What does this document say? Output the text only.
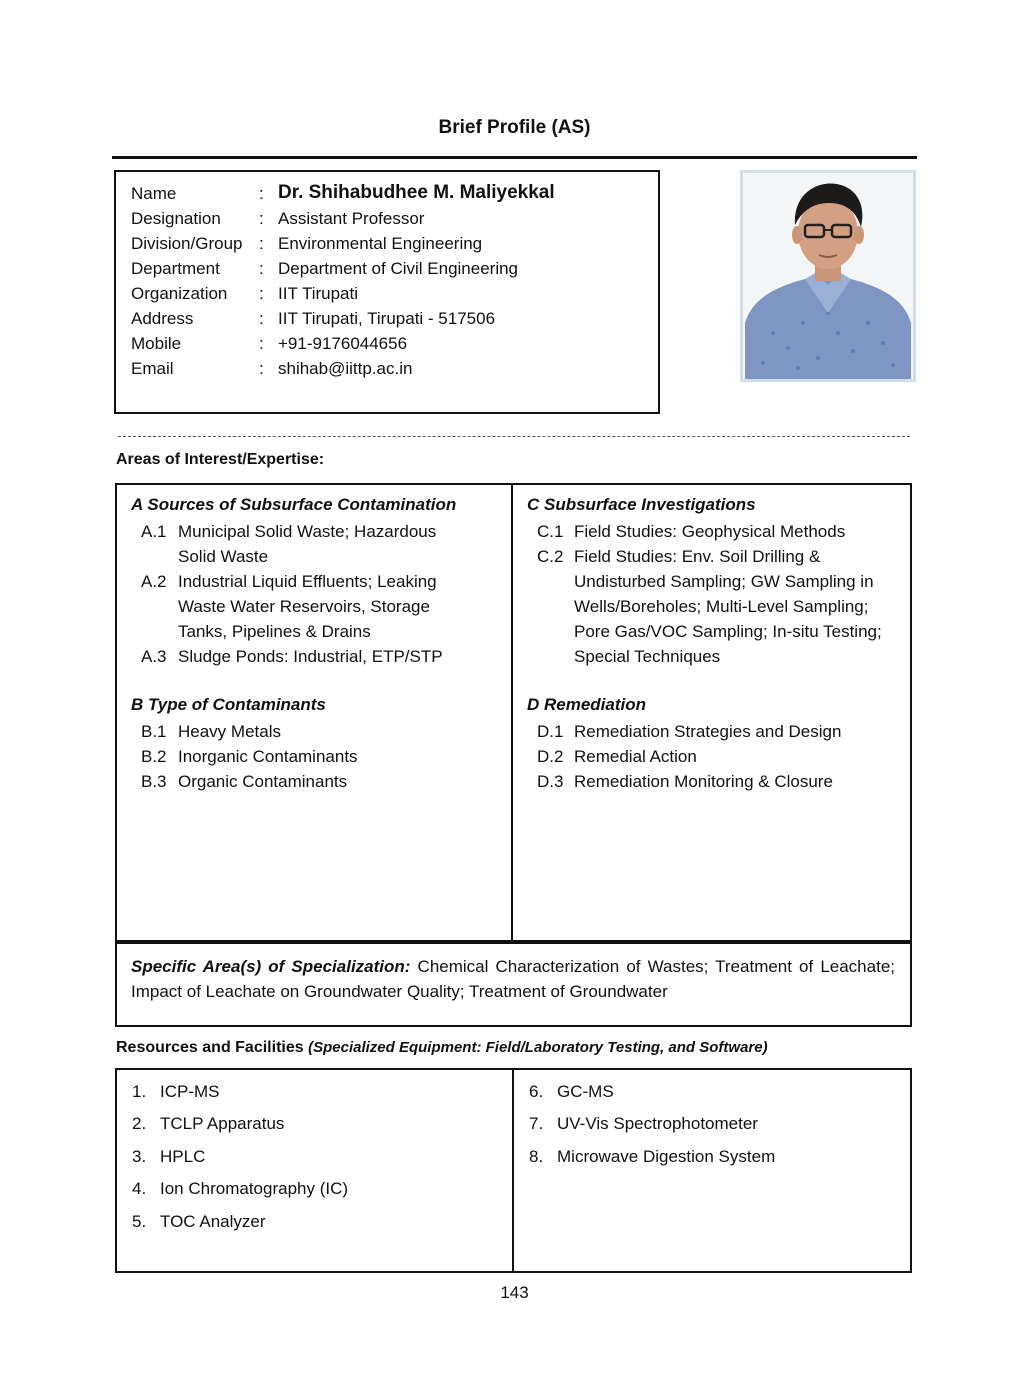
Brief Profile (AS)
Name	: Dr. Shihabudhee M. Maliyekkal
Designation	: Assistant Professor
Division/Group : Environmental Engineering
Department	: Department of Civil Engineering
Organization	: IIT Tirupati
Address	: IIT Tirupati, Tirupati - 517506
Mobile	: +91-9176044656
Email	: shihab@iittp.ac.in
Areas of Interest/Expertise:
A Sources of Subsurface Contamination
A.1 Municipal Solid Waste; Hazardous Solid Waste
A.2 Industrial Liquid Effluents; Leaking Waste Water Reservoirs, Storage Tanks, Pipelines & Drains
A.3 Sludge Ponds: Industrial, ETP/STP
B Type of Contaminants
B.1 Heavy Metals
B.2 Inorganic Contaminants
B.3 Organic Contaminants
C Subsurface Investigations
C.1 Field Studies: Geophysical Methods
C.2 Field Studies: Env. Soil Drilling & Undisturbed Sampling; GW Sampling in Wells/Boreholes; Multi-Level Sampling; Pore Gas/VOC Sampling; In-situ Testing; Special Techniques
D Remediation
D.1 Remediation Strategies and Design
D.2 Remedial Action
D.3 Remediation Monitoring & Closure
Specific Area(s) of Specialization: Chemical Characterization of Wastes; Treatment of Leachate; Impact of Leachate on Groundwater Quality; Treatment of Groundwater
Resources and Facilities (Specialized Equipment: Field/Laboratory Testing, and Software)
1. ICP-MS
2. TCLP Apparatus
3. HPLC
4. Ion Chromatography (IC)
5. TOC Analyzer
6. GC-MS
7. UV-Vis Spectrophotometer
8. Microwave Digestion System
143
